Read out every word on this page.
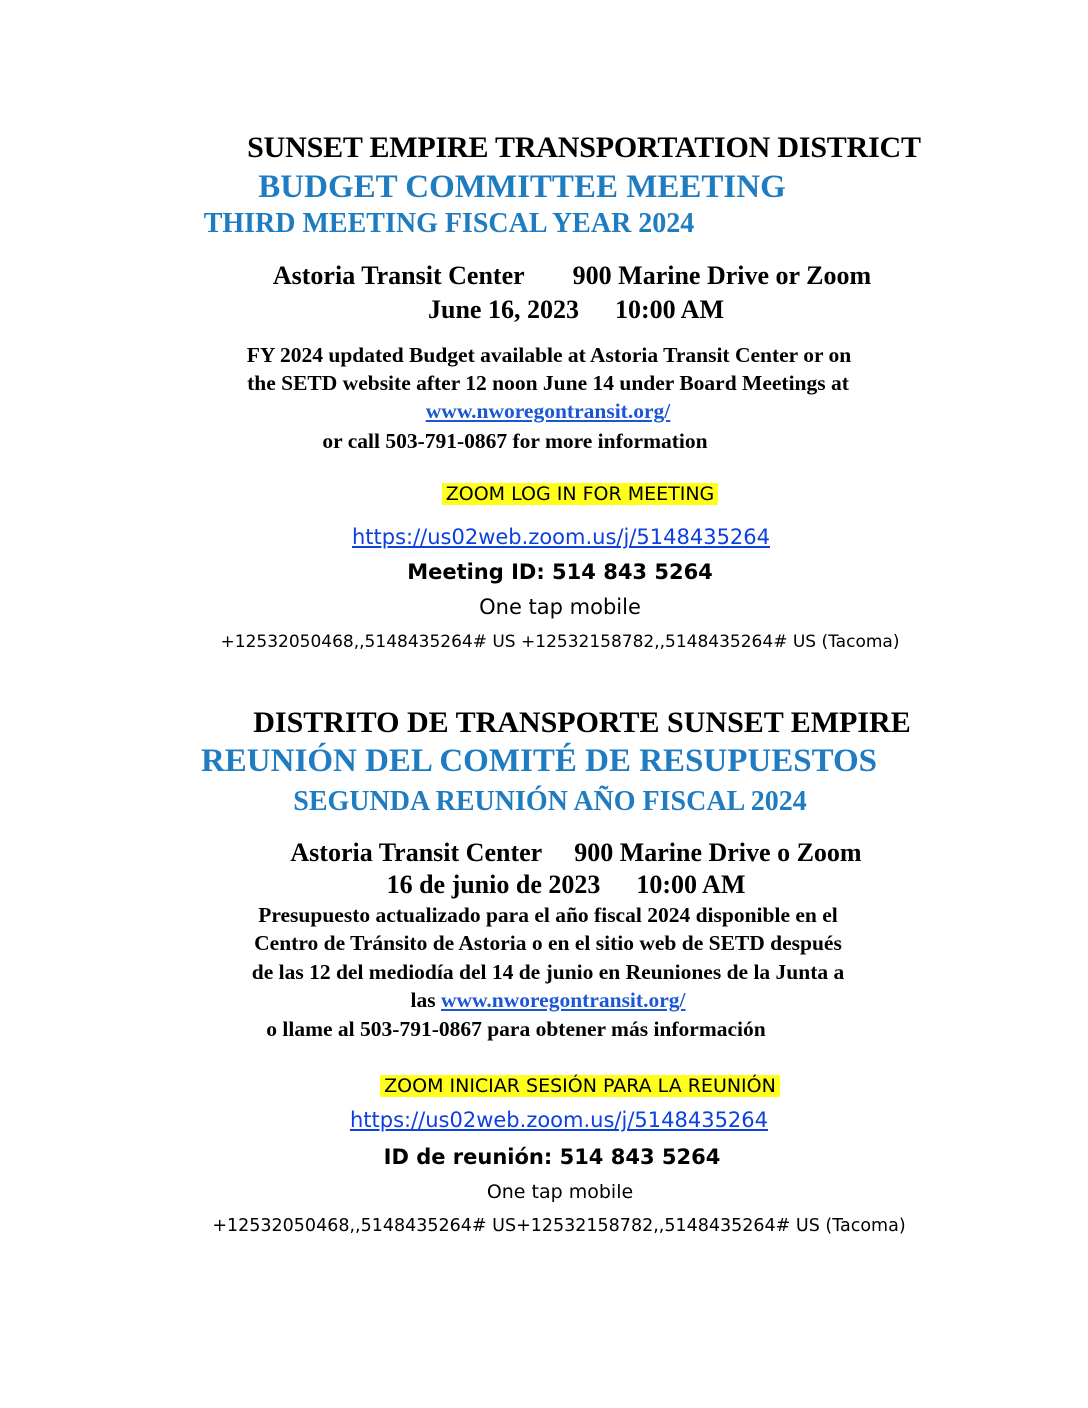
SUNSET EMPIRE TRANSPORTATION DISTRICT
BUDGET COMMITTEE MEETING
THIRD MEETING FISCAL YEAR 2024
Astoria Transit Center 900 Marine Drive or Zoom
June 16, 2023 10:00 AM
FY 2024 updated Budget available at Astoria Transit Center or on
the SETD website after 12 noon June 14 under Board Meetings at
www.nworegontransit.org/
or call 503-791-0867 for more information
ZOOM LOG IN FOR MEETING
https://us02web.zoom.us/j/5148435264
Meeting ID: 514 843 5264
One tap mobile
+12532050468,,5148435264# US +12532158782,,5148435264# US (Tacoma)
DISTRITO DE TRANSPORTE SUNSET EMPIRE
REUNIÓN DEL COMITÉ DE RESUPUESTOS
SEGUNDA REUNIÓN AÑO FISCAL 2024
Astoria Transit Center 900 Marine Drive o Zoom
16 de junio de 2023 10:00 AM
Presupuesto actualizado para el año fiscal 2024 disponible en el
Centro de Tránsito de Astoria o en el sitio web de SETD después
de las 12 del mediodía del 14 de junio en Reuniones de la Junta a
las www.nworegontransit.org/
o llame al 503-791-0867 para obtener más información
ZOOM INICIAR SESIÓN PARA LA REUNIÓN
https://us02web.zoom.us/j/5148435264
ID de reunión: 514 843 5264
One tap mobile
+12532050468,,5148435264# US+12532158782,,5148435264# US (Tacoma)
